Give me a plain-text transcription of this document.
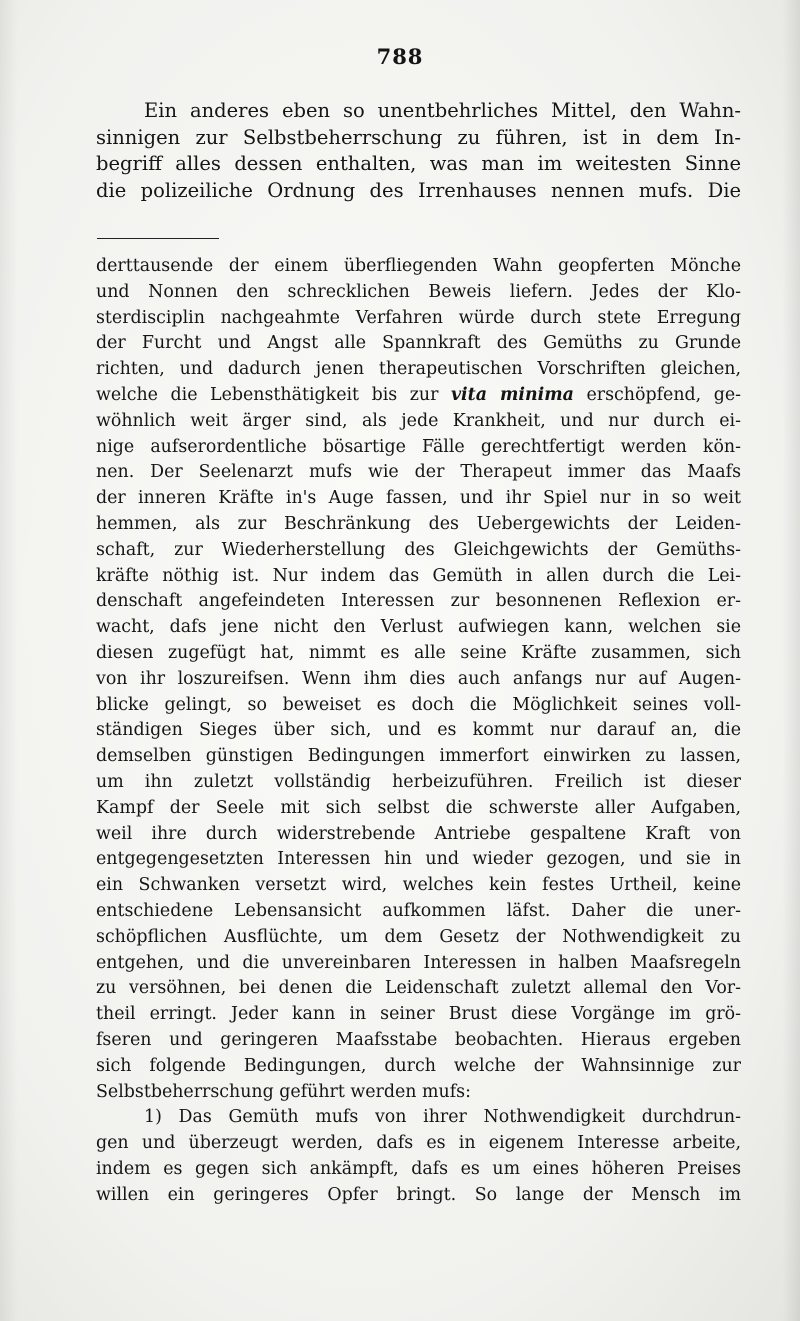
788
Ein anderes eben so unentbehrliches Mittel, den Wahn-
sinnigen zur Selbstbeherrschung zu führen, ist in dem In-
begriff alles dessen enthalten, was man im weitesten Sinne
die polizeiliche Ordnung des Irrenhauses nennen mufs. Die
derttausende der einem überfliegenden Wahn geopferten Mönche
und Nonnen den schrecklichen Beweis liefern. Jedes der Klo-
sterdisciplin nachgeahmte Verfahren würde durch stete Erregung
der Furcht und Angst alle Spannkraft des Gemüths zu Grunde
richten, und dadurch jenen therapeutischen Vorschriften gleichen,
welche die Lebensthätigkeit bis zur vita minima erschöpfend, ge-
wöhnlich weit ärger sind, als jede Krankheit, und nur durch ei-
nige aufserordentliche bösartige Fälle gerechtfertigt werden kön-
nen. Der Seelenarzt mufs wie der Therapeut immer das Maafs
der inneren Kräfte in's Auge fassen, und ihr Spiel nur in so weit
hemmen, als zur Beschränkung des Uebergewichts der Leiden-
schaft, zur Wiederherstellung des Gleichgewichts der Gemüths-
kräfte nöthig ist. Nur indem das Gemüth in allen durch die Lei-
denschaft angefeindeten Interessen zur besonnenen Reflexion er-
wacht, dafs jene nicht den Verlust aufwiegen kann, welchen sie
diesen zugefügt hat, nimmt es alle seine Kräfte zusammen, sich
von ihr loszureifsen. Wenn ihm dies auch anfangs nur auf Augen-
blicke gelingt, so beweiset es doch die Möglichkeit seines voll-
ständigen Sieges über sich, und es kommt nur darauf an, die
demselben günstigen Bedingungen immerfort einwirken zu lassen,
um ihn zuletzt vollständig herbeizuführen. Freilich ist dieser
Kampf der Seele mit sich selbst die schwerste aller Aufgaben,
weil ihre durch widerstrebende Antriebe gespaltene Kraft von
entgegengesetzten Interessen hin und wieder gezogen, und sie in
ein Schwanken versetzt wird, welches kein festes Urtheil, keine
entschiedene Lebensansicht aufkommen läfst. Daher die uner-
schöpflichen Ausflüchte, um dem Gesetz der Nothwendigkeit zu
entgehen, und die unvereinbaren Interessen in halben Maafsregeln
zu versöhnen, bei denen die Leidenschaft zuletzt allemal den Vor-
theil erringt. Jeder kann in seiner Brust diese Vorgänge im grö-
fseren und geringeren Maafsstabe beobachten. Hieraus ergeben
sich folgende Bedingungen, durch welche der Wahnsinnige zur
Selbstbeherrschung geführt werden mufs:
1) Das Gemüth mufs von ihrer Nothwendigkeit durchdrun-
gen und überzeugt werden, dafs es in eigenem Interesse arbeite,
indem es gegen sich ankämpft, dafs es um eines höheren Preises
willen ein geringeres Opfer bringt. So lange der Mensch im
